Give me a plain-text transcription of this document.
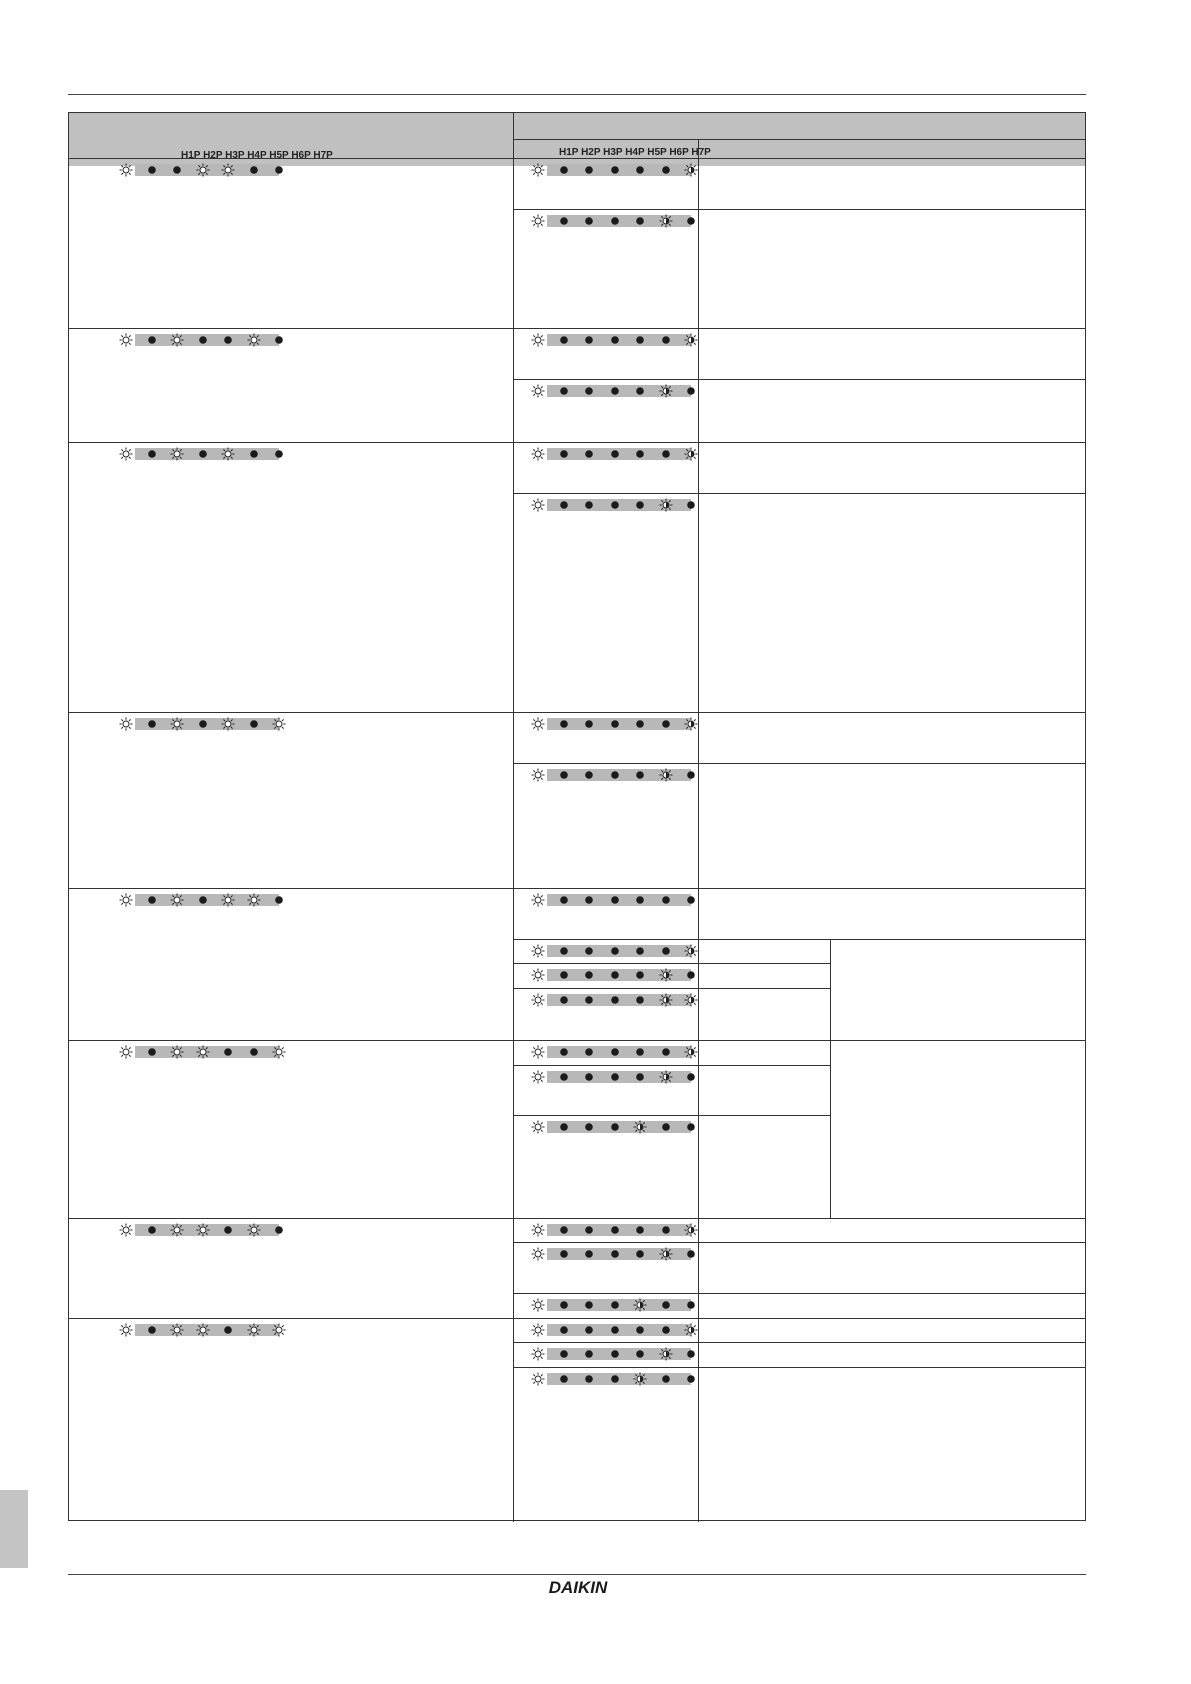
H1P H2P H3P H4P H5P H6P H7P	H1P H2P H3P H4P H5P H6P H7P
DAIKIN
